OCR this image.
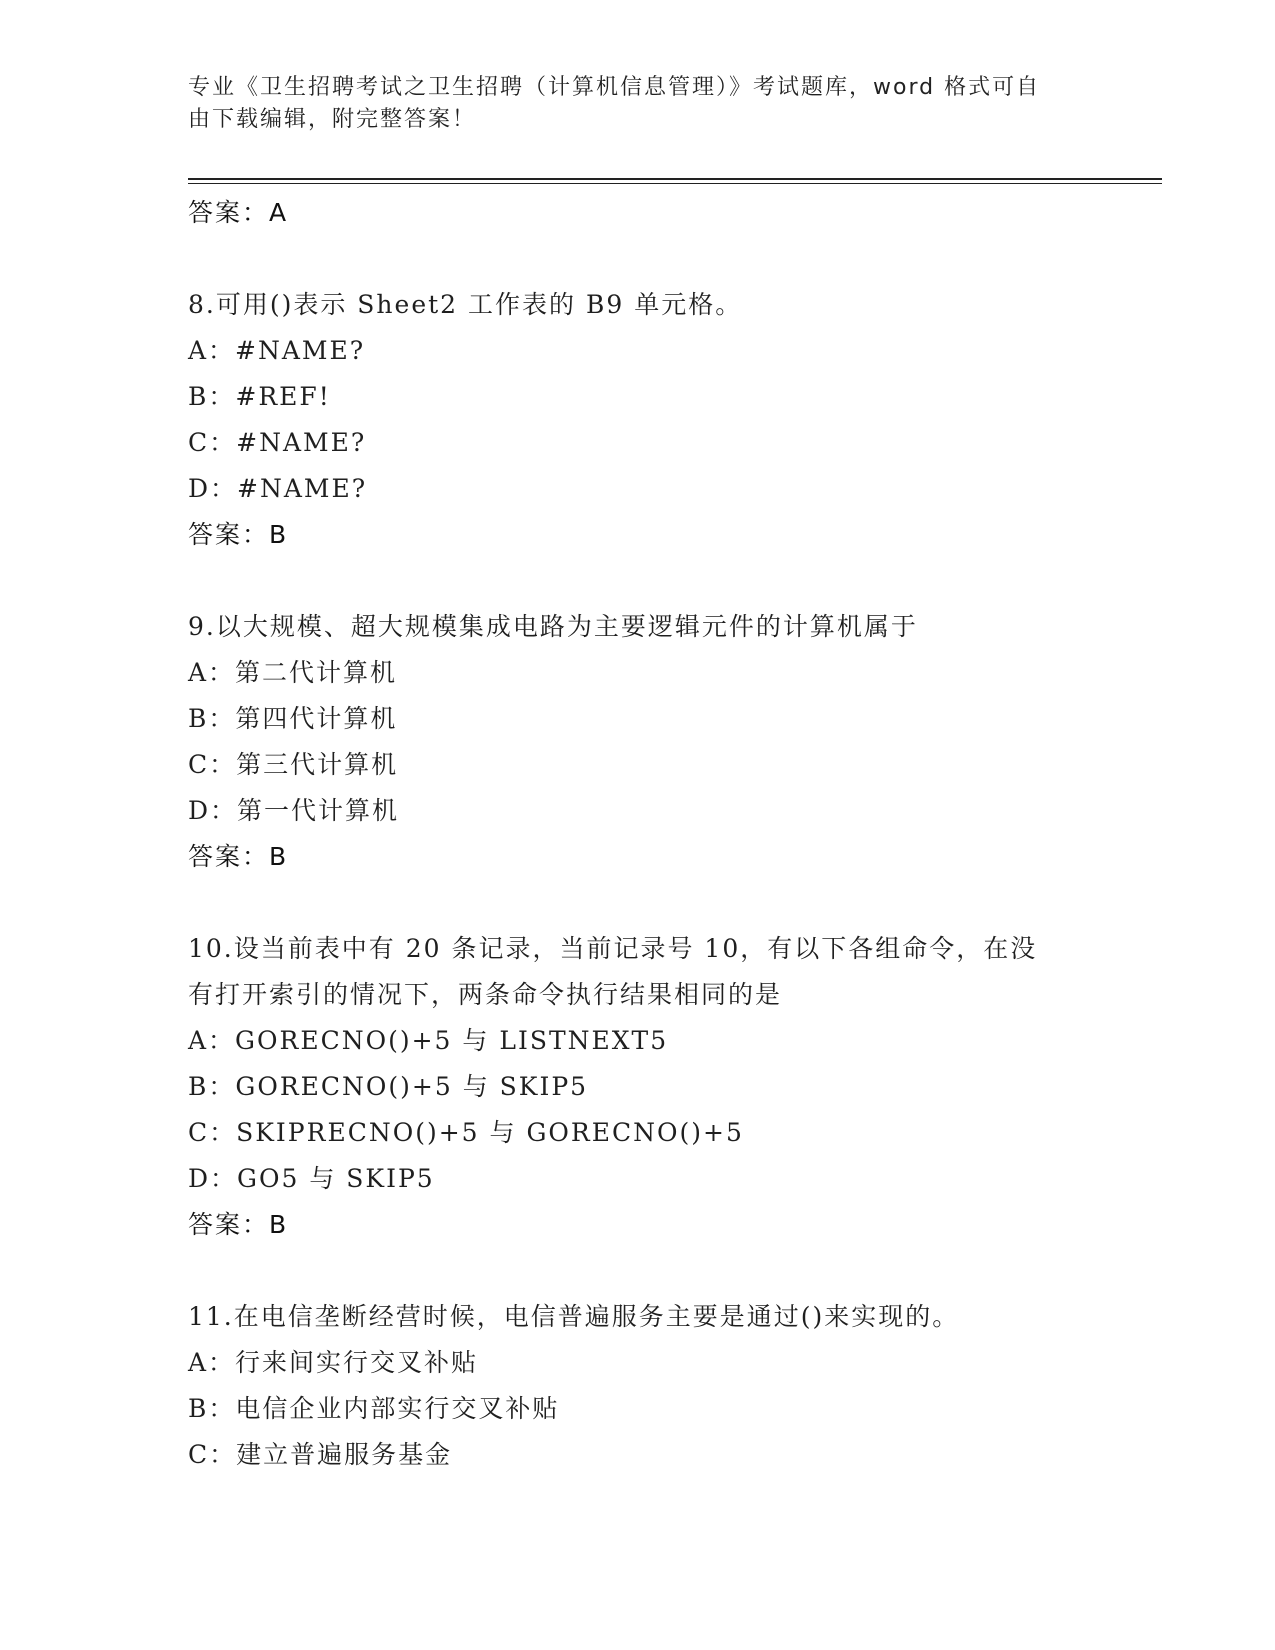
专业《卫生招聘考试之卫生招聘（计算机信息管理）》考试题库，word 格式可自
由下载编辑，附完整答案！
答案：A
8.可用()表示 Sheet2 工作表的 B9 单元格。
A：#NAME?
B：#REF!
C：#NAME?
D：#NAME?
答案：B
9.以大规模、超大规模集成电路为主要逻辑元件的计算机属于
A：第二代计算机
B：第四代计算机
C：第三代计算机
D：第一代计算机
答案：B
10.设当前表中有 20 条记录，当前记录号 10，有以下各组命令，在没
有打开索引的情况下，两条命令执行结果相同的是
A：GORECNO()+5 与 LISTNEXT5
B：GORECNO()+5 与 SKIP5
C：SKIPRECNO()+5 与 GORECNO()+5
D：GO5 与 SKIP5
答案：B
11.在电信垄断经营时候，电信普遍服务主要是通过()来实现的。
A：行来间实行交叉补贴
B：电信企业内部实行交叉补贴
C：建立普遍服务基金
